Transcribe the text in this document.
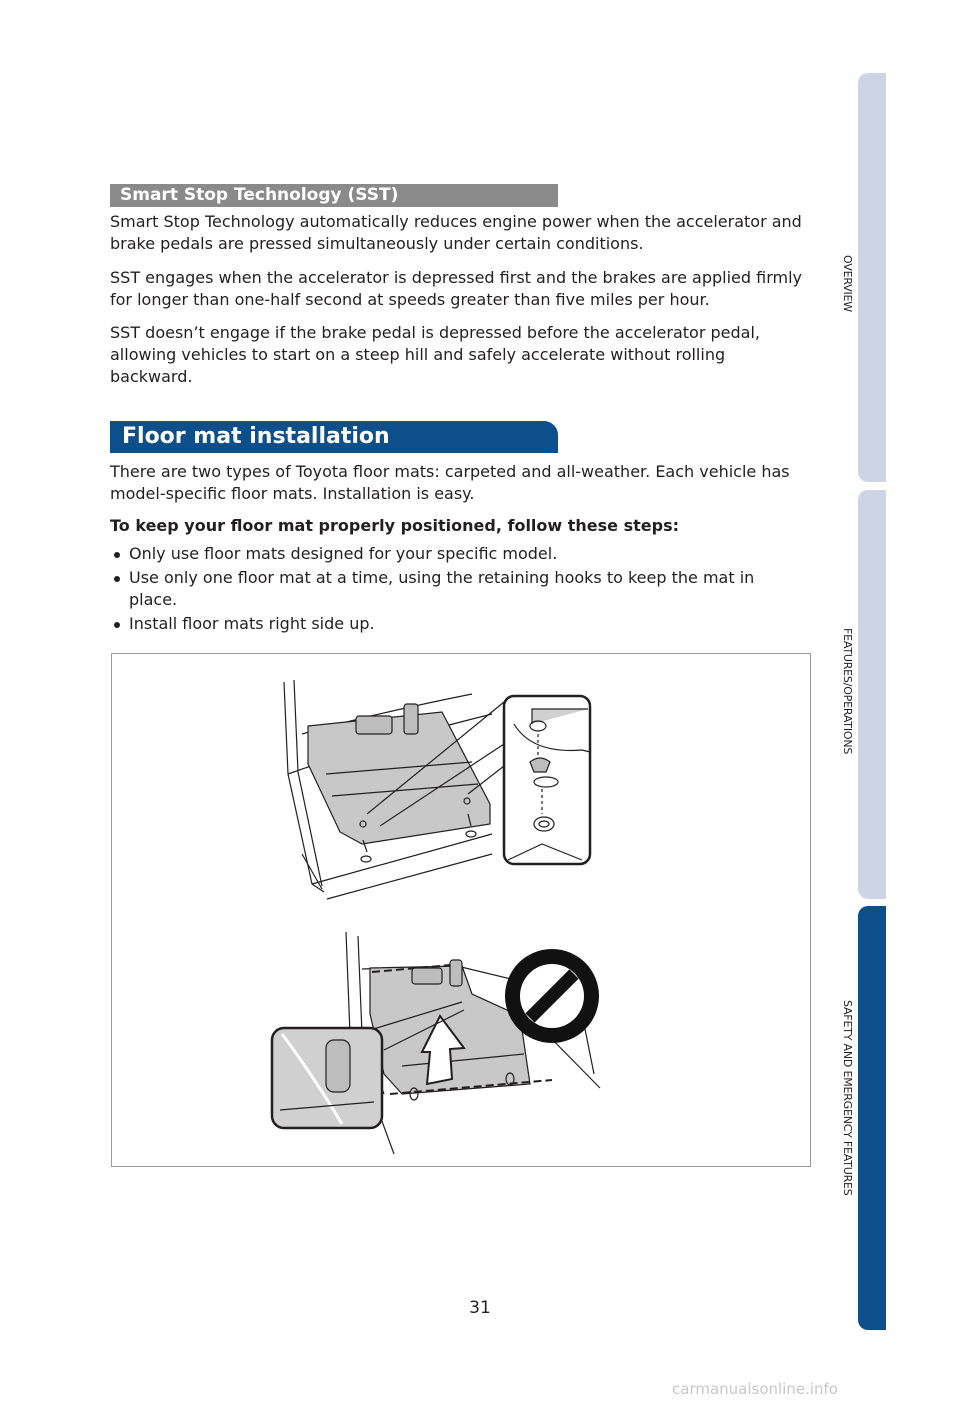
OVERVIEW
FEATURES/OPERATIONS
SAFETY AND EMERGENCY FEATURES
Smart Stop Technology (SST)

Smart Stop Technology automatically reduces engine power when the accelerator and brake pedals are pressed simultaneously under certain conditions.

SST engages when the accelerator is depressed first and the brakes are applied firmly for longer than one-half second at speeds greater than five miles per hour.

SST doesn’t engage if the brake pedal is depressed before the accelerator pedal, allowing vehicles to start on a steep hill and safely accelerate without rolling backward.

Floor mat installation

There are two types of Toyota floor mats: carpeted and all-weather. Each vehicle has model-specific floor mats. Installation is easy.

To keep your floor mat properly positioned, follow these steps:
Only use floor mats designed for your specific model.
Use only one floor mat at a time, using the retaining hooks to keep the mat in place.
Install floor mats right side up.
31
carmanualsonline.info
